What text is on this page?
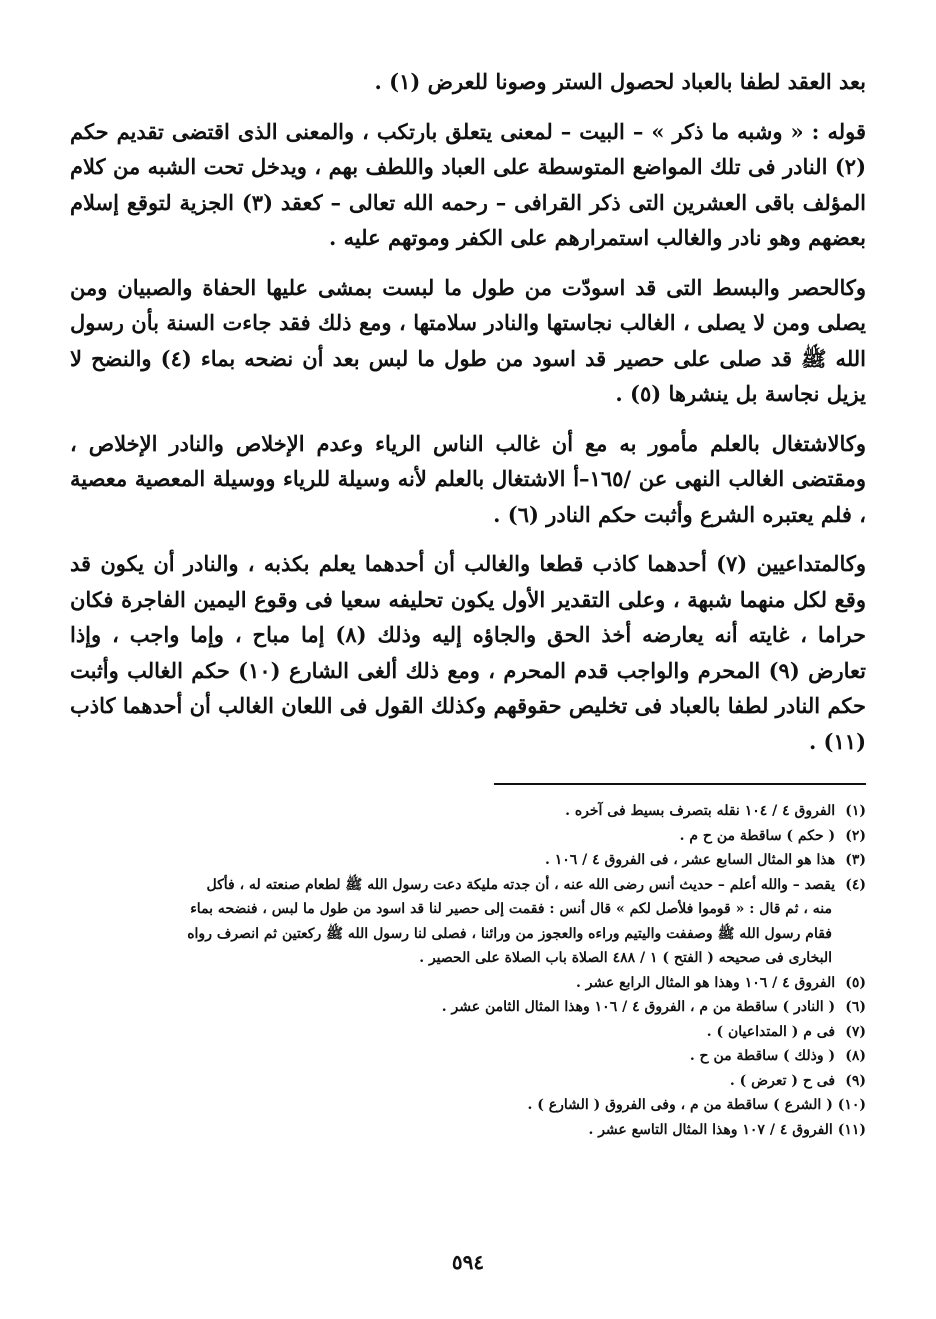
بعد العقد لطفا بالعباد لحصول الستر وصونا للعرض (١) .

قوله : « وشبه ما ذكر » – البيت – لمعنى يتعلق بارتكب ، والمعنى الذى اقتضى تقديم حكم (٢) النادر فى تلك المواضع المتوسطة على العباد واللطف بهم ، ويدخل تحت الشبه من كلام المؤلف باقى العشرين التى ذكر القرافى – رحمه الله تعالى – كعقد (٣) الجزية لتوقع إسلام بعضهم وهو نادر والغالب استمرارهم على الكفر وموتهم عليه .

وكالحصر والبسط التى قد اسودّت من طول ما لبست بمشى عليها الحفاة والصبيان ومن يصلى ومن لا يصلى ، الغالب نجاستها والنادر سلامتها ، ومع ذلك فقد جاءت السنة بأن رسول الله ﷺ قد صلى على حصير قد اسود من طول ما لبس بعد أن نضحه بماء (٤) والنضح لا يزيل نجاسة بل ينشرها (٥) .

وكالاشتغال بالعلم مأمور به مع أن غالب الناس الرياء وعدم الإخلاص والنادر الإخلاص ، ومقتضى الغالب النهى عن /١٦٥–أ الاشتغال بالعلم لأنه وسيلة للرياء ووسيلة المعصية معصية ، فلم يعتبره الشرع وأثبت حكم النادر (٦) .

وكالمتداعيين (٧) أحدهما كاذب قطعا والغالب أن أحدهما يعلم بكذبه ، والنادر أن يكون قد وقع لكل منهما شبهة ، وعلى التقدير الأول يكون تحليفه سعيا فى وقوع اليمين الفاجرة فكان حراما ، غايته أنه يعارضه أخذ الحق والجاؤه إليه وذلك (٨) إما مباح ، وإما واجب ، وإذا تعارض (٩) المحرم والواجب قدم المحرم ، ومع ذلك ألغى الشارع (١٠) حكم الغالب وأثبت حكم النادر لطفا بالعباد فى تخليص حقوقهم وكذلك القول فى اللعان الغالب أن أحدهما كاذب (١١) .

(١) الفروق ٤ / ١٠٤ نقله بتصرف بسيط فى آخره .
(٢) ( حكم ) ساقطة من ح م .
(٣) هذا هو المثال السابع عشر ، فى الفروق ٤ / ١٠٦ .
(٤) يقصد – والله أعلم – حديث أنس رضى الله عنه ، أن جدته مليكة دعت رسول الله ﷺ لطعام صنعته له ، فأكل
منه ، ثم قال : « قوموا فلأصل لكم » قال أنس : فقمت إلى حصير لنا قد اسود من طول ما لبس ، فنضحه بماء
فقام رسول الله ﷺ وصففت واليتيم وراءه والعجوز من ورائنا ، فصلى لنا رسول الله ﷺ ركعتين ثم انصرف رواه
البخارى فى صحيحه ( الفتح ) ١ / ٤٨٨ الصلاة باب الصلاة على الحصير .
(٥) الفروق ٤ / ١٠٦ وهذا هو المثال الرابع عشر .
(٦) ( النادر ) ساقطة من م ، الفروق ٤ / ١٠٦ وهذا المثال الثامن عشر .
(٧) فى م ( المتداعيان ) .
(٨) ( وذلك ) ساقطة من ح .
(٩) فى ح ( تعرض ) .
(١٠) ( الشرع ) ساقطة من م ، وفى الفروق ( الشارع ) .
(١١) الفروق ٤ / ١٠٧ وهذا المثال التاسع عشر .
٥٩٤
